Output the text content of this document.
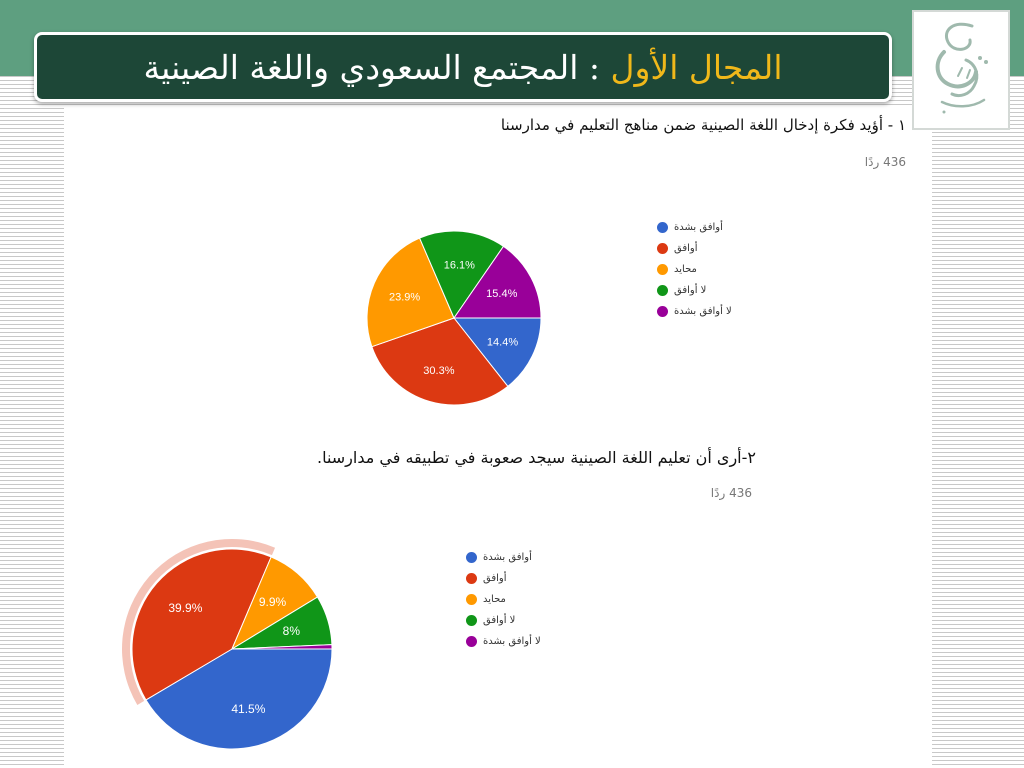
المجال الأول : المجتمع السعودي واللغة الصينية
١ - أؤيد فكرة إدخال اللغة الصينية ضمن مناهج التعليم في مدارسنا
436 ردًا
14.4%
30.3%
23.9%
16.1%
15.4%
أوافق بشدة
أوافق
محايد
لا أوافق
لا أوافق بشدة
٢-أرى أن تعليم اللغة الصينية سيجد صعوبة في تطبيقه في مدارسنا.
436 ردًا
41.5%
39.9%	9.9%
8%
أوافق بشدة
أوافق
محايد
لا أوافق
لا أوافق بشدة
